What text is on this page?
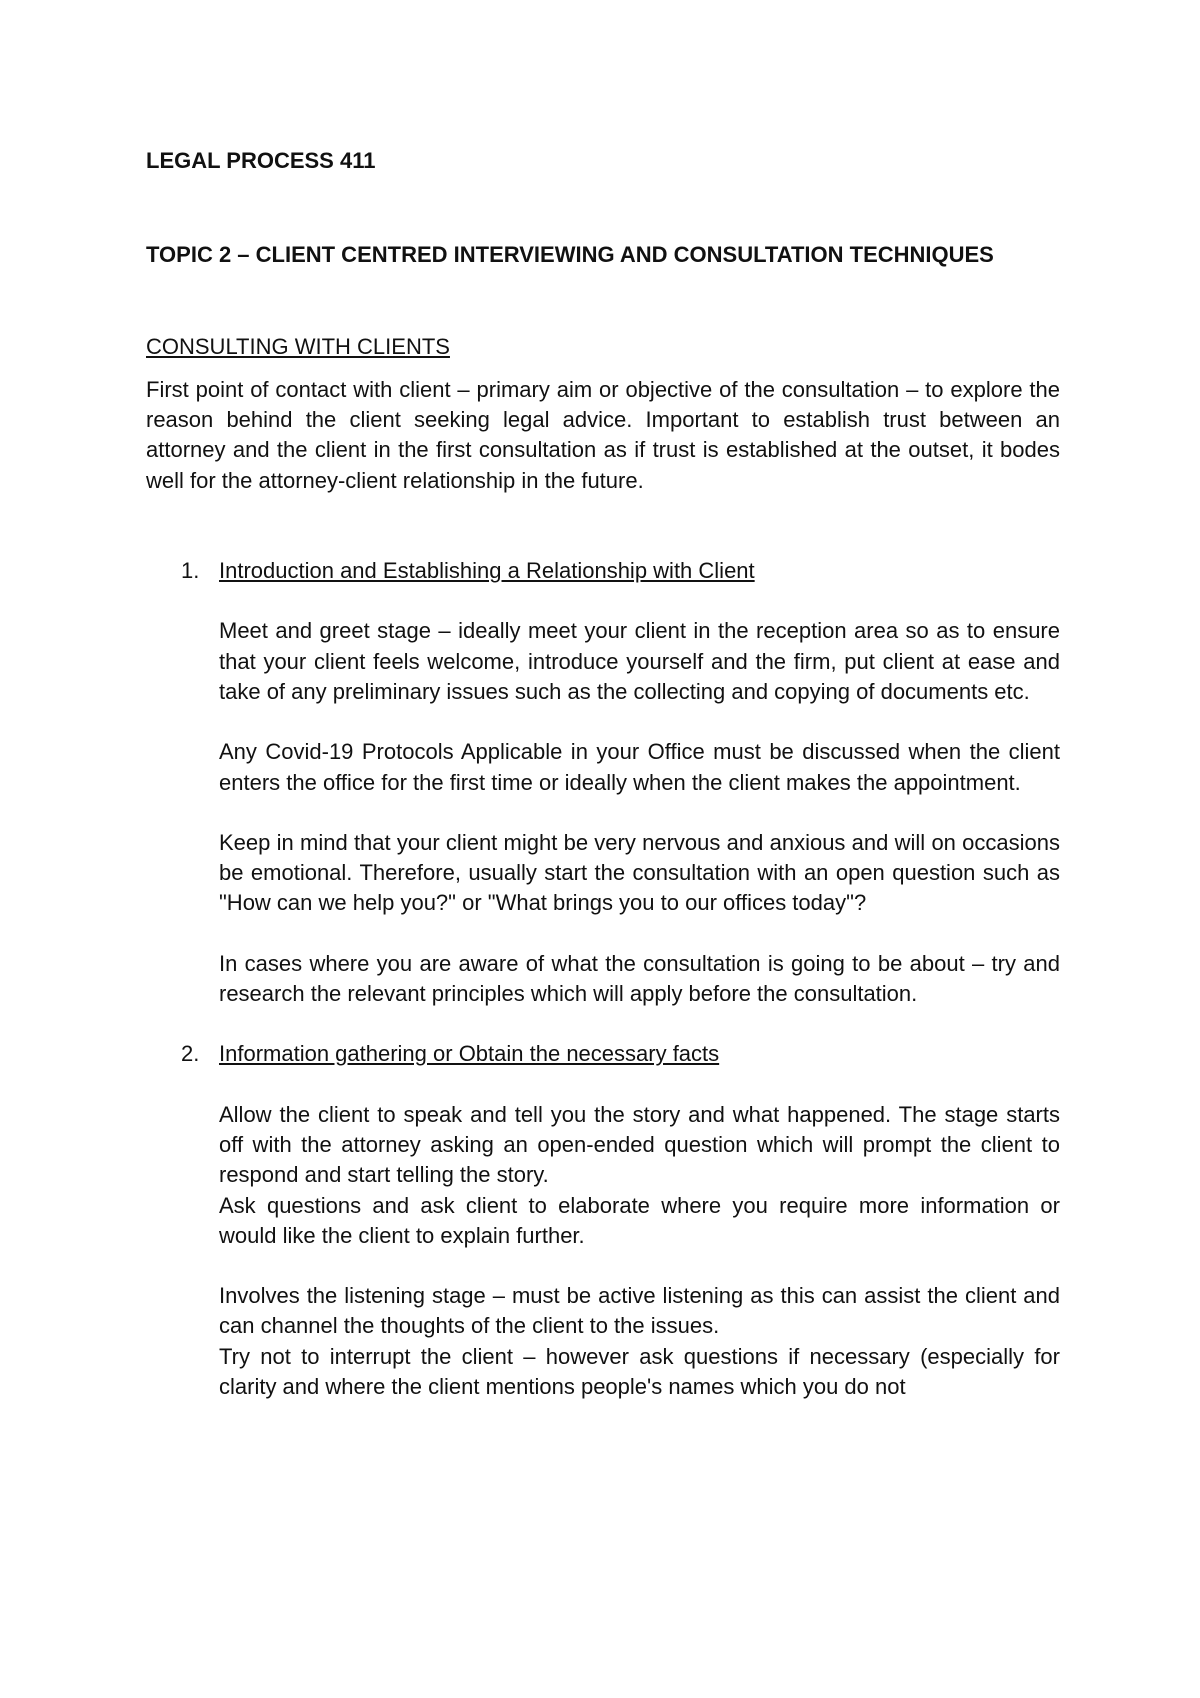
LEGAL PROCESS 411

TOPIC 2 – CLIENT CENTRED INTERVIEWING AND CONSULTATION TECHNIQUES

CONSULTING WITH CLIENTS

First point of contact with client – primary aim or objective of the consultation – to explore the reason behind the client seeking legal advice. Important to establish trust between an attorney and the client in the first consultation as if trust is established at the outset, it bodes well for the attorney-client relationship in the future.

1. Introduction and Establishing a Relationship with Client

Meet and greet stage – ideally meet your client in the reception area so as to ensure that your client feels welcome, introduce yourself and the firm, put client at ease and take of any preliminary issues such as the collecting and copying of documents etc.

Any Covid-19 Protocols Applicable in your Office must be discussed when the client enters the office for the first time or ideally when the client makes the appointment.

Keep in mind that your client might be very nervous and anxious and will on occasions be emotional. Therefore, usually start the consultation with an open question such as "How can we help you?" or "What brings you to our offices today"?

In cases where you are aware of what the consultation is going to be about – try and research the relevant principles which will apply before the consultation.

2. Information gathering or Obtain the necessary facts

Allow the client to speak and tell you the story and what happened. The stage starts off with the attorney asking an open-ended question which will prompt the client to respond and start telling the story.

Ask questions and ask client to elaborate where you require more information or would like the client to explain further.

Involves the listening stage – must be active listening as this can assist the client and can channel the thoughts of the client to the issues.

Try not to interrupt the client – however ask questions if necessary (especially for clarity and where the client mentions people's names which you do not
